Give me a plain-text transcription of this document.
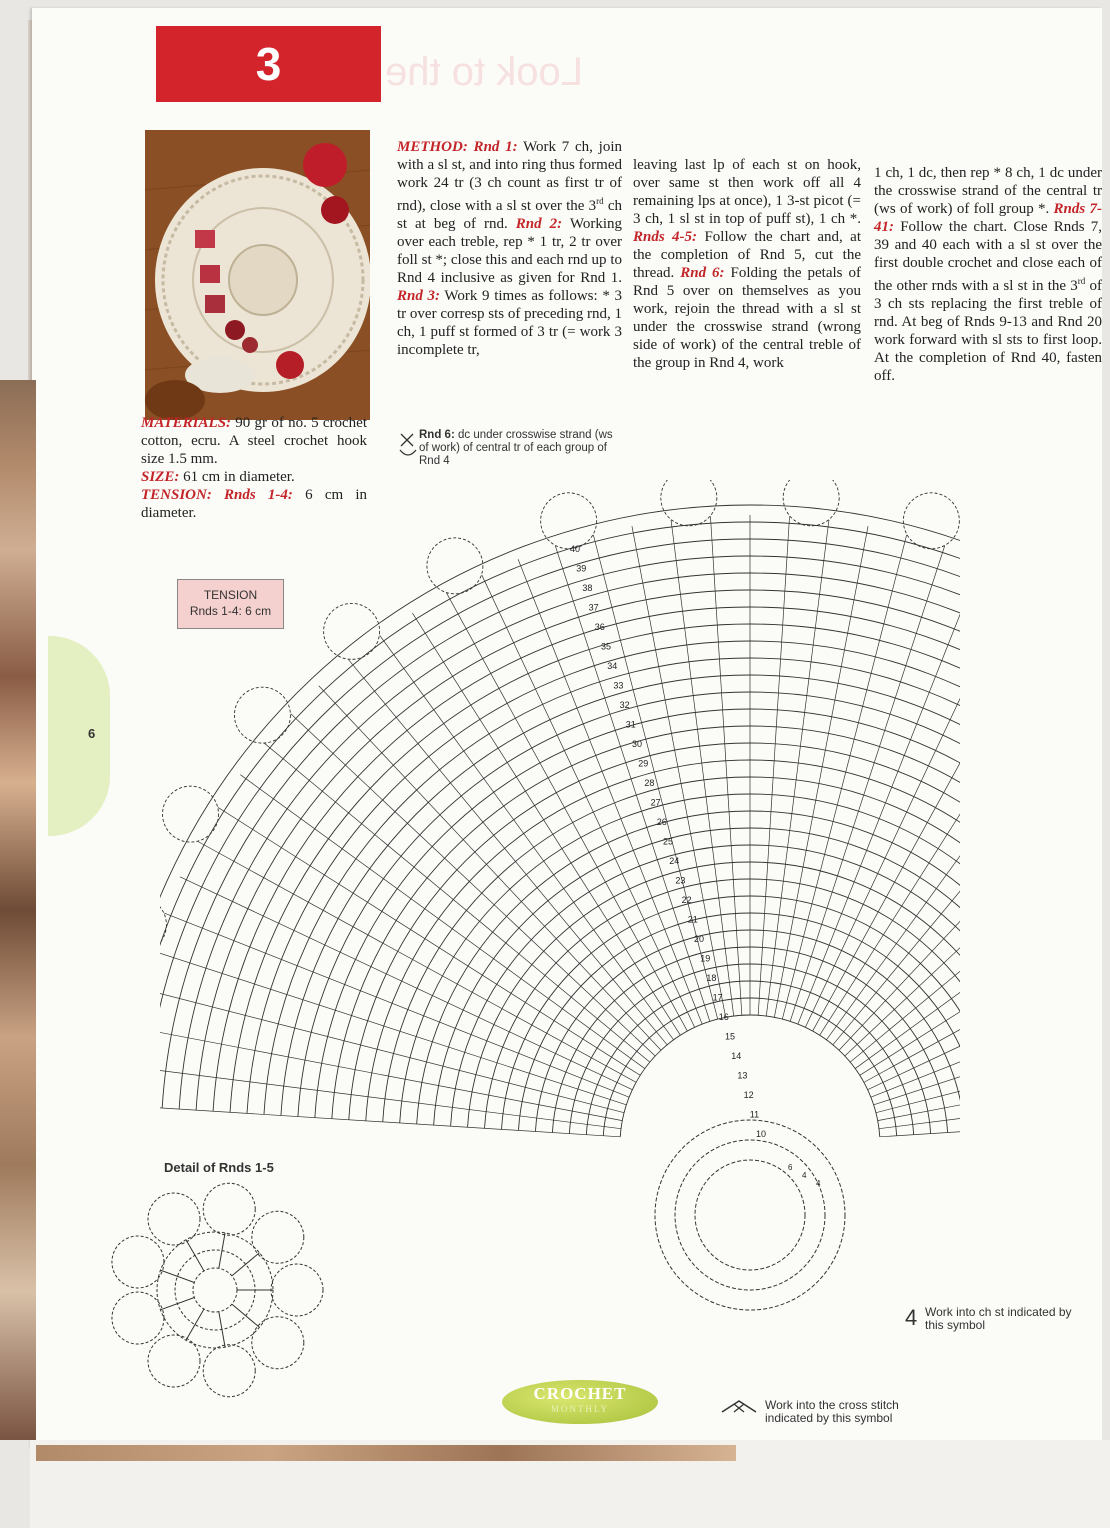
6
3	Look to the
MATERIALS: 90 gr of no. 5 crochet cotton, ecru. A steel crochet hook size 1.5 mm.
SIZE: 61 cm in diameter.
TENSION: Rnds 1-4: 6 cm in diameter.
METHOD: Rnd 1: Work 7 ch, join with a sl st, and into ring thus formed work 24 tr (3 ch count as first tr of rnd), close with a sl st over the 3rd ch st at beg of rnd. Rnd 2: Working over each treble, rep * 1 tr, 2 tr over foll st *; close this and each rnd up to Rnd 4 inclusive as given for Rnd 1. Rnd 3: Work 9 times as follows: * 3 tr over corresp sts of preceding rnd, 1 ch, 1 puff st formed of 3 tr (= work 3 incomplete tr,
leaving last lp of each st on hook, over same st then work off all 4 remaining lps at once), 1 3-st picot (= 3 ch, 1 sl st in top of puff st), 1 ch *. Rnds 4-5: Follow the chart and, at the completion of Rnd 5, cut the thread. Rnd 6: Folding the petals of Rnd 5 over on themselves as you work, rejoin the thread with a sl st under the crosswise strand (wrong side of work) of the central treble of the group in Rnd 4, work
1 ch, 1 dc, then rep * 8 ch, 1 dc under the crosswise strand of the central tr (ws of work) of foll group *. Rnds 7-41: Follow the chart. Close Rnds 7, 39 and 40 each with a sl st over the first double crochet and close each of the other rnds with a sl st in the 3rd of 3 ch sts replacing the first treble of rnd. At beg of Rnds 9-13 and Rnd 20 work forward with sl sts to first loop. At the completion of Rnd 40, fasten off.
TENSION
Rnds 1-4: 6 cm
Rnd 6: dc under crosswise strand (ws of work) of central tr of each group of Rnd 4
40
39
38
37
36
35
34
33
32
31
30
29
28
27
26
25
24
23
22
21
20
19
18
17
16
15
14
13
12
11
10
6
4
4
Detail of Rnds 1-5
4 Work into ch st indicated by this symbol
Work into the cross stitch indicated by this symbol
CROCHET
MONTHLY
